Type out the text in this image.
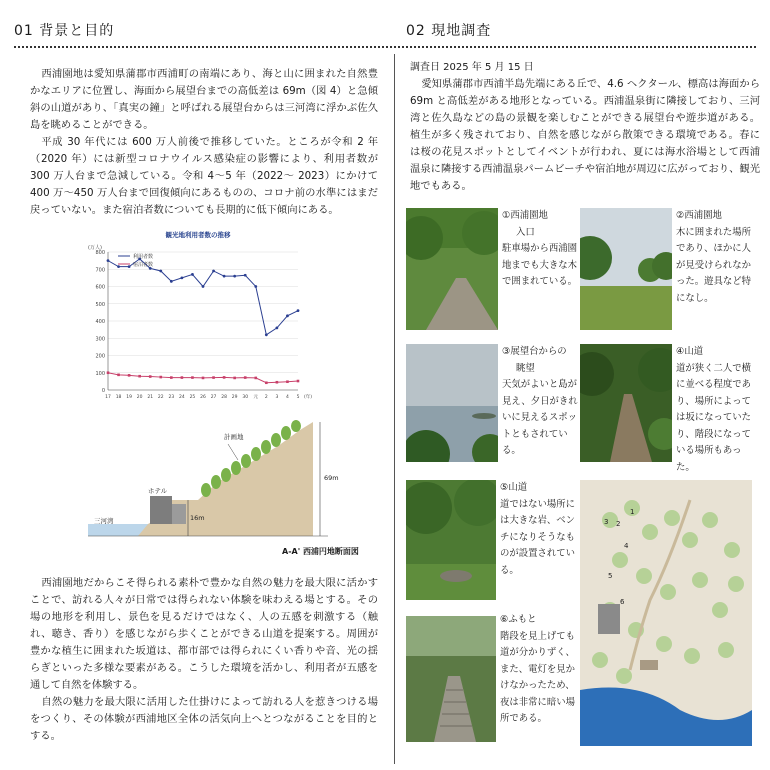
01 背景と目的	02 現地調査
西浦園地は愛知県蒲郡市西浦町の南端にあり、海と山に囲まれた自然豊かなエリアに位置し、海面から展望台までの高低差は 69m（図 4）と急傾斜の山道があり、「真実の鐘」と呼ばれる展望台からは三河湾に浮かぶ佐久島を眺めることができる。
平成 30 年代には 600 万人前後で推移していた。ところが令和 2 年（2020 年）には新型コロナウイルス感染症の影響により、利用者数が 300 万人台まで急減している。令和 4～5 年（2022～ 2023）にかけて 400 万～450 万人台まで回復傾向にあるものの、コロナ前の水準にはまだ戻っていない。また宿泊者数についても長期的に低下傾向にある。
観光地利用者数の推移
(万人)
0
100
200
300
400
500
600
700
800
17 18 19 20 21 22 23 24 25 26 27 28 29 30 元 2 3 4 5 (年)
利用者数
宿泊者数
計画地
ホテル
三河湾	16m
69m
A-A' 西浦円地断面図
西浦園地だからこそ得られる素朴で豊かな自然の魅力を最大限に活かすことで、訪れる人々が日常では得られない体験を味わえる場とする。その場の地形を利用し、景色を見るだけではなく、人の五感を刺激する（触れ、聴き、香り）を感じながら歩くことができる山道を提案する。周囲が豊かな植生に囲まれた坂道は、都市部では得られにくい香りや音、光の揺らぎといった多様な要素がある。こうした環境を活かし、利用者が五感を通して自然を体験する。
自然の魅力を最大限に活用した仕掛けによって訪れる人を惹きつける場をつくり、その体験が西浦地区全体の活気向上へとつながることを目的とする。
調査日 2025 年 5 月 15 日
愛知県蒲郡市西浦半島先端にある丘で、4.6 ヘクタール、標高は海面から 69m と高低差がある地形となっている。西浦温泉街に隣接しており、三河湾と佐久島などの島の景観を楽しむことができる展望台や遊歩道がある。植生が多く残されており、自然を感じながら散策できる環境である。春には桜の花見スポットとしてイベントが行われ、夏には海水浴場として西浦温泉に隣接する西浦温泉パームビーチや宿泊地が周辺に広がっており、観光地でもある。
①西浦園地
入口
駐車場から西浦園地までも大きな木で囲まれている。
②西浦園地
木に囲まれた場所であり、ほかに人が見受けられなかった。遊具など特になし。
③展望台からの
眺望
天気がよいと島が見え、夕日がきれいに見えるスポットともされている。
④山道
道が狭く二人で横に並べる程度であり、場所によっては坂になっていたり、階段になっている場所もあった。
⑤山道
道ではない場所には大きな岩、ベンチになりそうなものが設置されている。
⑥ふもと
階段を見上げても道が分かりずく、また、電灯を見かけなかったため、夜は非常に暗い場所である。
1
2
3
4
5
6
